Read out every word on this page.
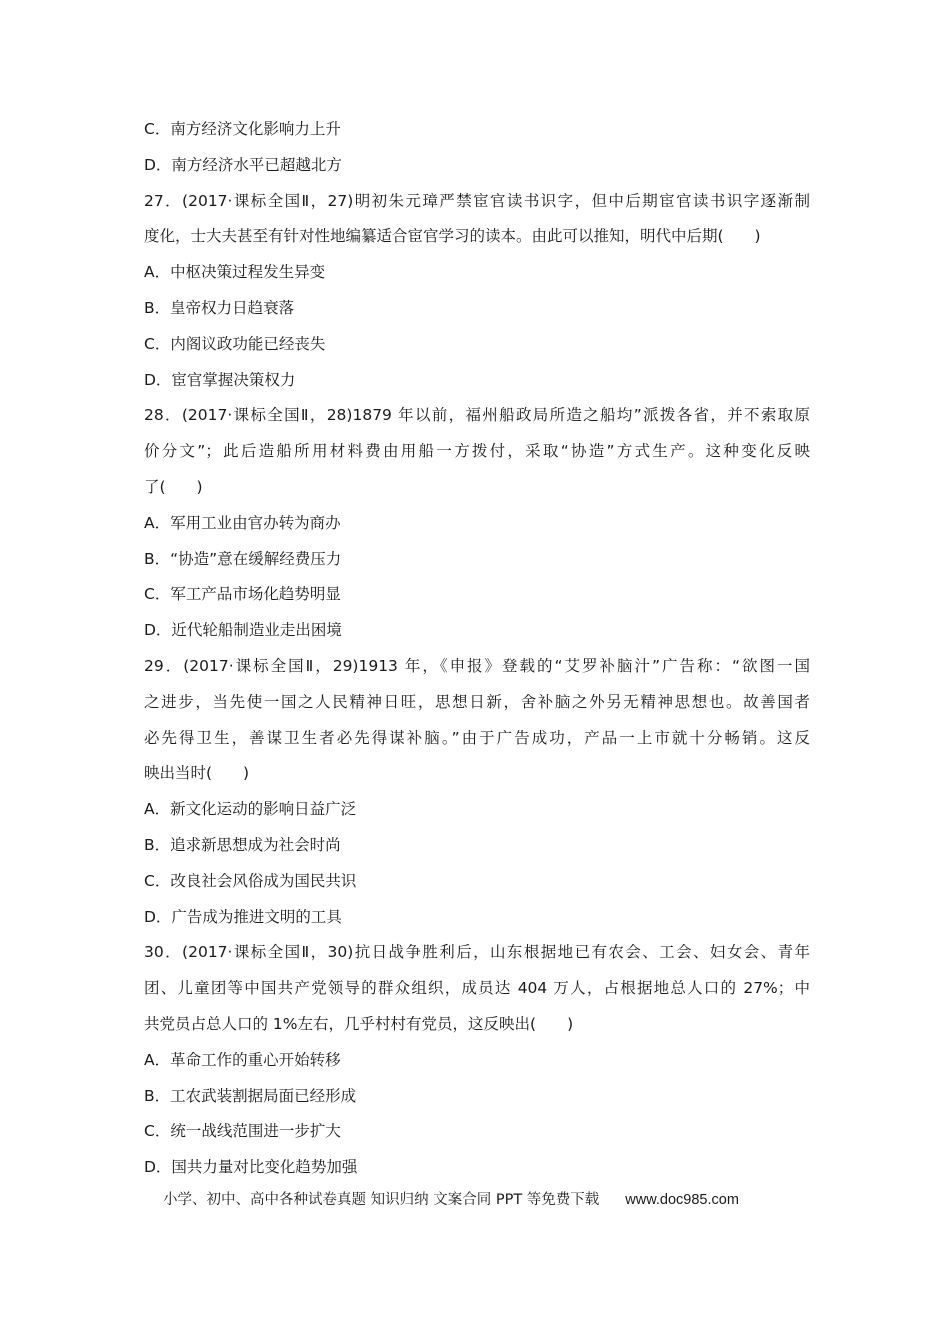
C．南方经济文化影响力上升
D．南方经济水平已超越北方
27．(2017·课标全国Ⅱ，27)明初朱元璋严禁宦官读书识字，但中后期宦官读书识字逐渐制
度化，士大夫甚至有针对性地编纂适合宦官学习的读本。由此可以推知，明代中后期(　　)
A．中枢决策过程发生异变
B．皇帝权力日趋衰落
C．内阁议政功能已经丧失
D．宦官掌握决策权力
28．(2017·课标全国Ⅱ，28)1879 年以前，福州船政局所造之船均”派拨各省，并不索取原
价分文”；此后造船所用材料费由用船一方拨付，采取“协造”方式生产。这种变化反映
了(　　)
A．军用工业由官办转为商办
B．“协造”意在缓解经费压力
C．军工产品市场化趋势明显
D．近代轮船制造业走出困境
29．(2017·课标全国Ⅱ，29)1913 年，《申报》登载的“艾罗补脑汁”广告称：“欲图一国
之进步，当先使一国之人民精神日旺，思想日新，舍补脑之外另无精神思想也。故善国者
必先得卫生，善谋卫生者必先得谋补脑。”由于广告成功，产品一上市就十分畅销。这反
映出当时(　　)
A．新文化运动的影响日益广泛
B．追求新思想成为社会时尚
C．改良社会风俗成为国民共识
D．广告成为推进文明的工具
30．(2017·课标全国Ⅱ，30)抗日战争胜利后，山东根据地已有农会、工会、妇女会、青年
团、儿童团等中国共产党领导的群众组织，成员达 404 万人，占根据地总人口的 27%；中
共党员占总人口的 1%左右，几乎村村有党员，这反映出(　　)
A．革命工作的重心开始转移
B．工农武装割据局面已经形成
C．统一战线范围进一步扩大
D．国共力量对比变化趋势加强
小学、初中、高中各种试卷真题 知识归纳 文案合同 PPT 等免费下载 www.doc985.com
